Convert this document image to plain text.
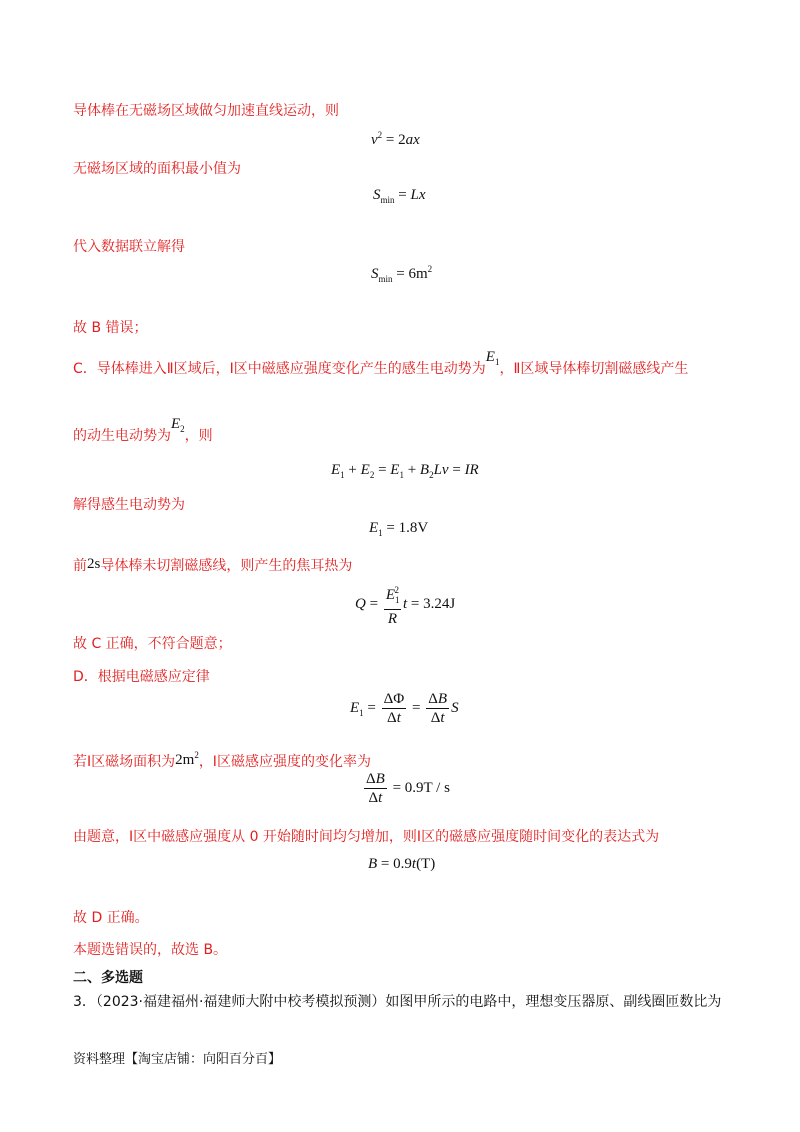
导体棒在无磁场区域做匀加速直线运动，则
$v^2 = 2ax$
无磁场区域的面积最小值为
$S_{min} = Lx$
代入数据联立解得
$S_{min} = 6m^2$
故 B 错误；
C．导体棒进入Ⅱ区域后，Ⅰ区中磁感应强度变化产生的感生电动势为$E_1$，Ⅱ区域导体棒切割磁感线产生
的动生电动势为$E_2$，则
$E_1 + E_2 = E_1 + B_2Lv$ = IR
解得感生电动势为
$E_1 = 1.8V$
前2s导体棒未切割磁感线，则产生的焦耳热为
$Q = \frac{E_1^2}{R}$ t = 3.24J
故 C 正确，不符合题意；
D．根据电磁感应定律
$E_1 = \frac{\Delta\Phi}{\Delta t} = \frac{\Delta B}{\Delta t}$ S
若Ⅰ区磁场面积为$2m^2$，Ⅰ区磁感应强度的变化率为
$\frac{\Delta B}{\Delta t} = 0.9T / s$
由题意，Ⅰ区中磁感应强度从 0 开始随时间均匀增加，则Ⅰ区的磁感应强度随时间变化的表达式为
B = 0.9t(T)
故 D 正确。
本题选错误的，故选 B。
二、多选题
3．（2023·福建福州·福建师大附中校考模拟预测）如图甲所示的电路中，理想变压器原、副线圈匝数比为
资料整理【淘宝店铺：向阳百分百】
